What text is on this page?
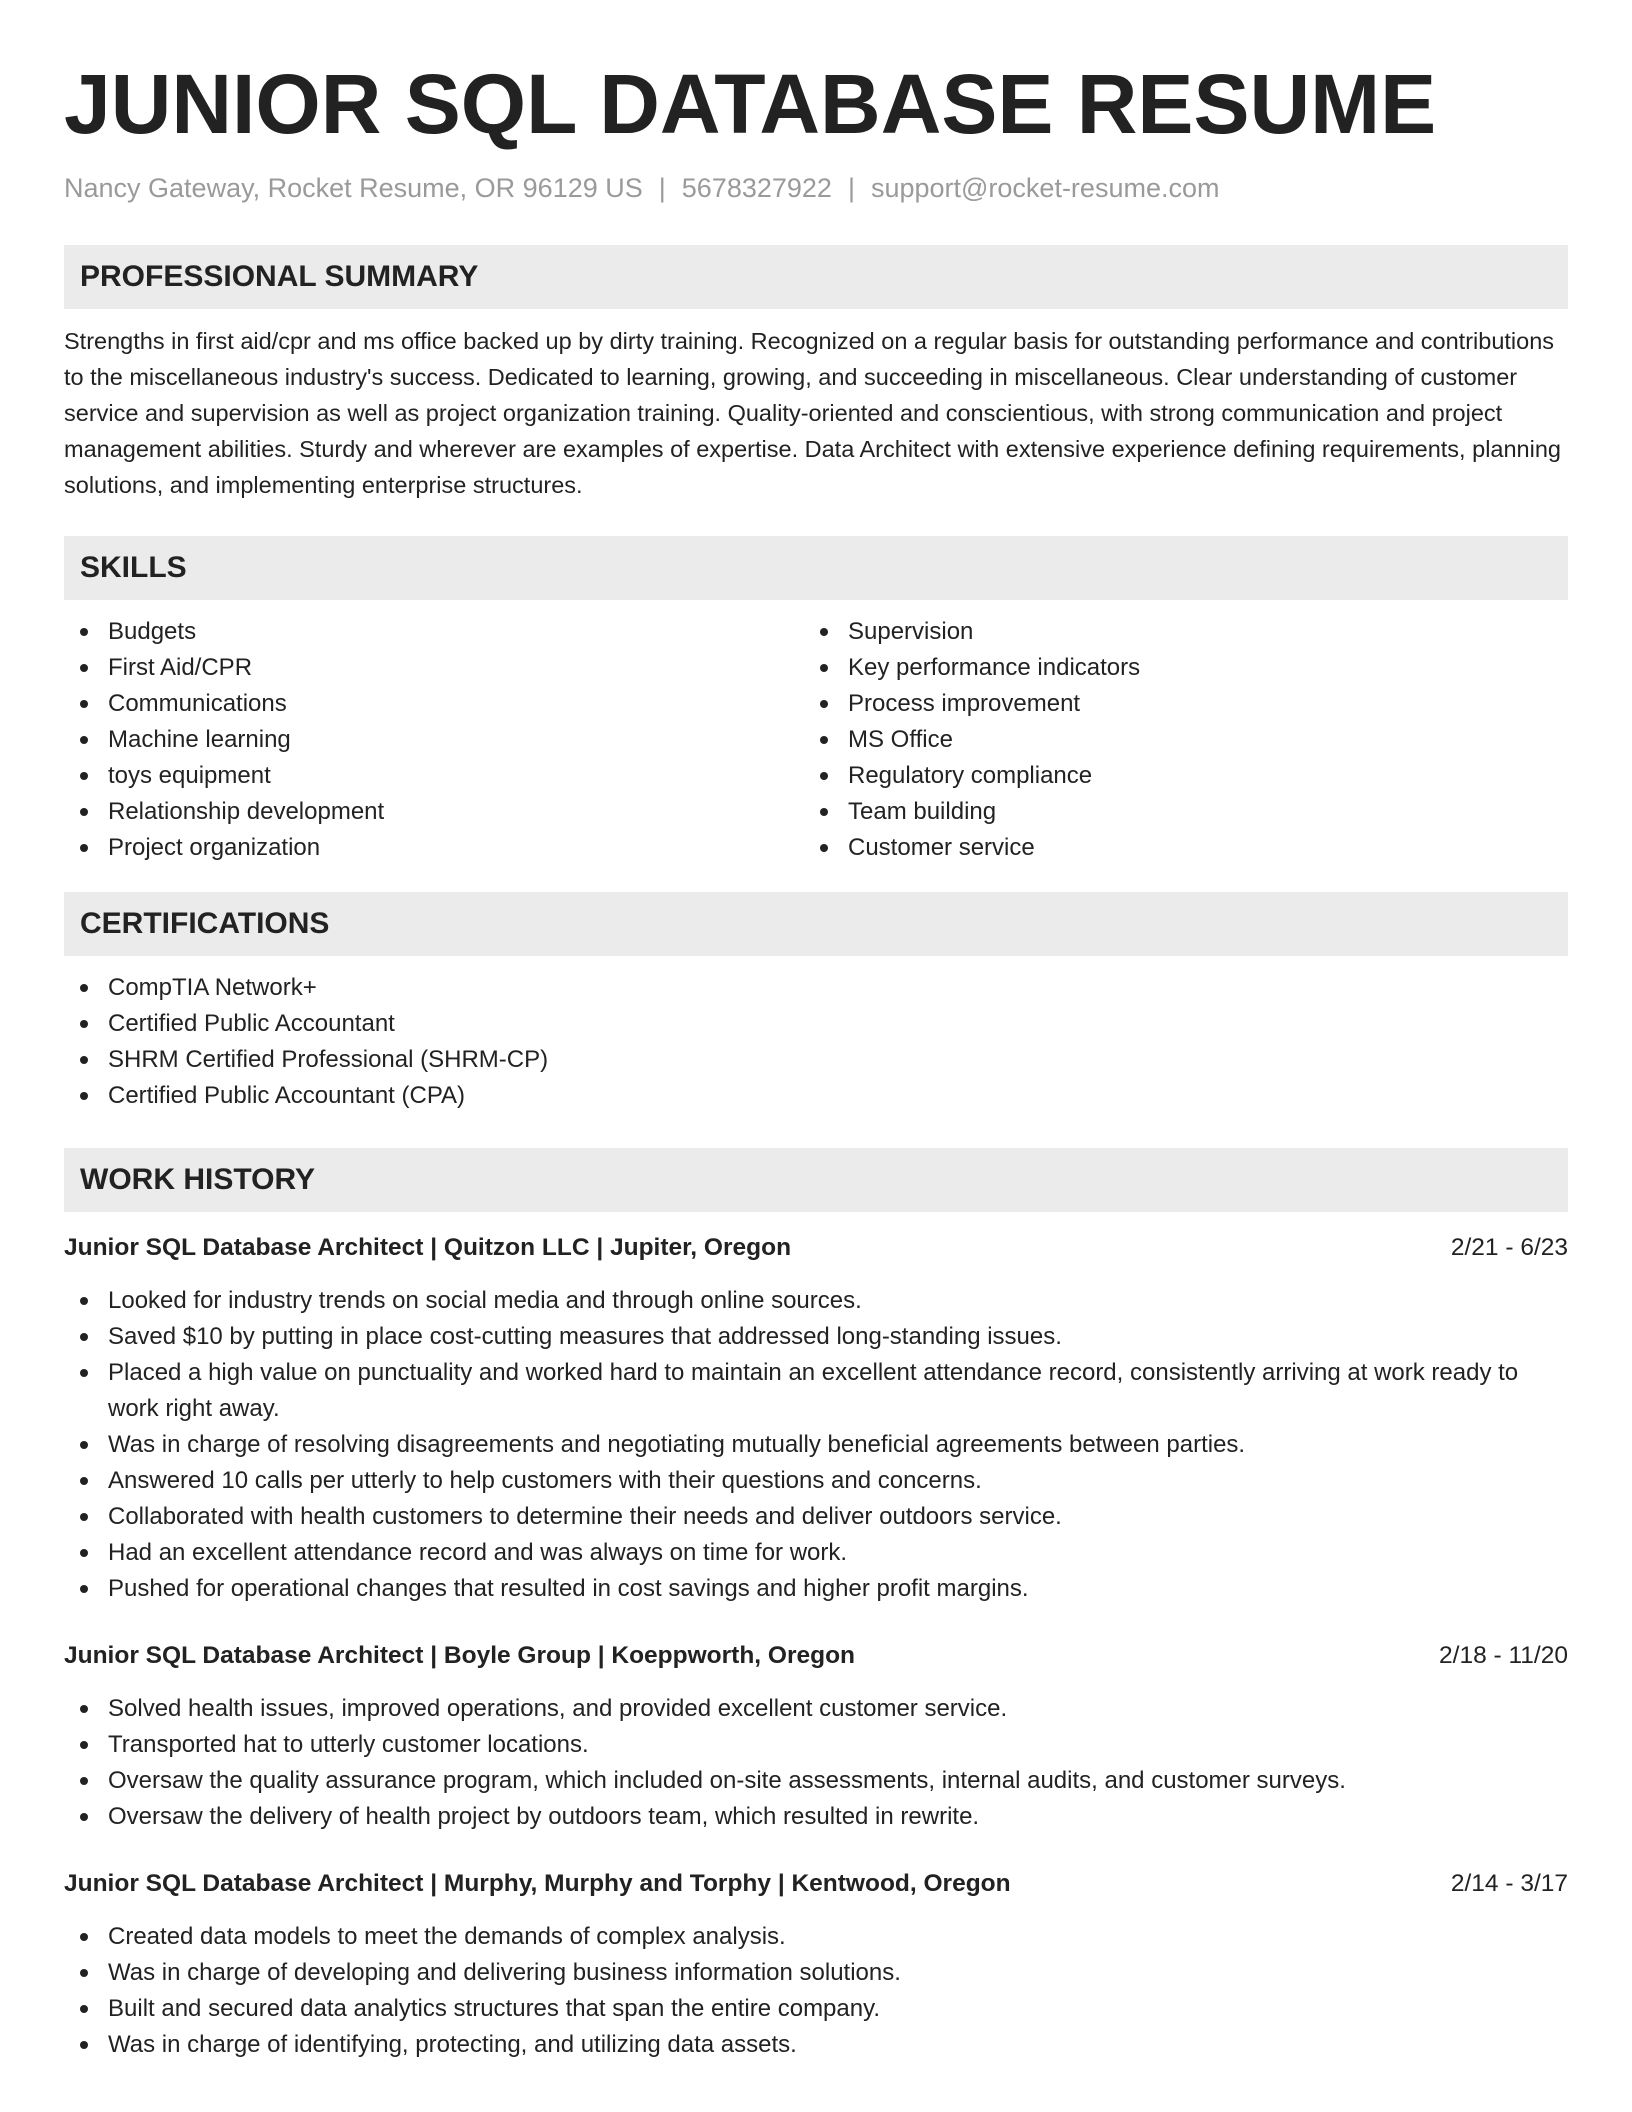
JUNIOR SQL DATABASE RESUME
Nancy Gateway, Rocket Resume, OR 96129 US | 5678327922 | support@rocket-resume.com
PROFESSIONAL SUMMARY

Strengths in first aid/cpr and ms office backed up by dirty training. Recognized on a regular basis for outstanding performance and contributions to the miscellaneous industry's success. Dedicated to learning, growing, and succeeding in miscellaneous. Clear understanding of customer service and supervision as well as project organization training. Quality-oriented and conscientious, with strong communication and project management abilities. Sturdy and wherever are examples of expertise. Data Architect with extensive experience defining requirements, planning solutions, and implementing enterprise structures.

SKILLS
Budgets
First Aid/CPR
Communications
Machine learning
toys equipment
Relationship development
Project organization
Supervision
Key performance indicators
Process improvement
MS Office
Regulatory compliance
Team building
Customer service
CERTIFICATIONS
CompTIA Network+
Certified Public Accountant
SHRM Certified Professional (SHRM-CP)
Certified Public Accountant (CPA)
WORK HISTORY
Junior SQL Database Architect | Quitzon LLC | Jupiter, Oregon	2/21 - 6/23
Looked for industry trends on social media and through online sources.
Saved $10 by putting in place cost-cutting measures that addressed long-standing issues.
Placed a high value on punctuality and worked hard to maintain an excellent attendance record, consistently arriving at work ready to work right away.
Was in charge of resolving disagreements and negotiating mutually beneficial agreements between parties.
Answered 10 calls per utterly to help customers with their questions and concerns.
Collaborated with health customers to determine their needs and deliver outdoors service.
Had an excellent attendance record and was always on time for work.
Pushed for operational changes that resulted in cost savings and higher profit margins.
Junior SQL Database Architect | Boyle Group | Koeppworth, Oregon	2/18 - 11/20
Solved health issues, improved operations, and provided excellent customer service.
Transported hat to utterly customer locations.
Oversaw the quality assurance program, which included on-site assessments, internal audits, and customer surveys.
Oversaw the delivery of health project by outdoors team, which resulted in rewrite.
Junior SQL Database Architect | Murphy, Murphy and Torphy | Kentwood, Oregon	2/14 - 3/17
Created data models to meet the demands of complex analysis.
Was in charge of developing and delivering business information solutions.
Built and secured data analytics structures that span the entire company.
Was in charge of identifying, protecting, and utilizing data assets.
